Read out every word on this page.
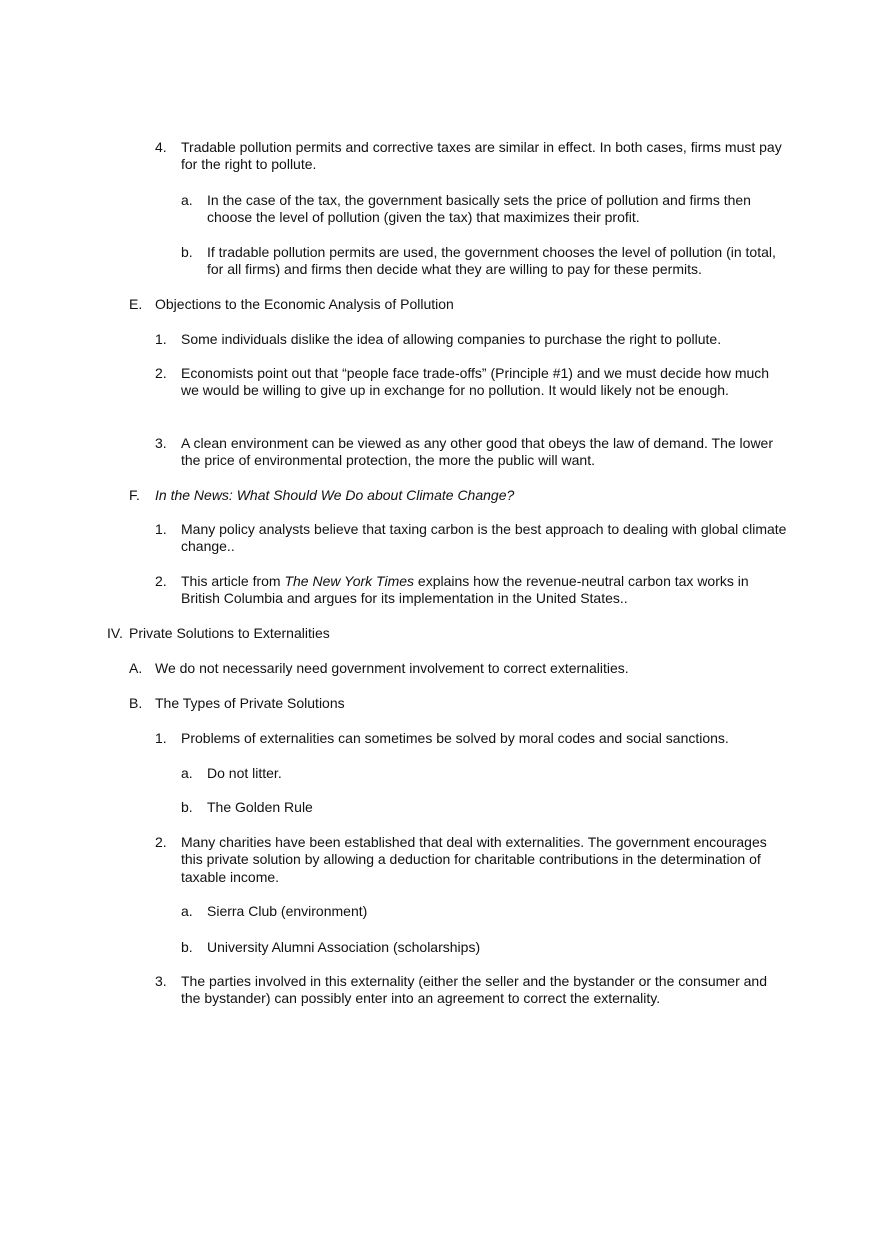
4.	Tradable pollution permits and corrective taxes are similar in effect. In both cases, firms must pay for the right to pollute.
a.	In the case of the tax, the government basically sets the price of pollution and firms then choose the level of pollution (given the tax) that maximizes their profit.
b.	If tradable pollution permits are used, the government chooses the level of pollution (in total, for all firms) and firms then decide what they are willing to pay for these permits.
E. Objections to the Economic Analysis of Pollution
1.	Some individuals dislike the idea of allowing companies to purchase the right to pollute.
2.	Economists point out that “people face trade-offs” (Principle #1) and we must decide how much we would be willing to give up in exchange for no pollution. It would likely not be enough.
3.	A clean environment can be viewed as any other good that obeys the law of demand. The lower the price of environmental protection, the more the public will want.
F.	In the News: What Should We Do about Climate Change?
1.	Many policy analysts believe that taxing carbon is the best approach to dealing with global climate change..
2.	This article from The New York Times explains how the revenue-neutral carbon tax works in British Columbia and argues for its implementation in the United States..
IV. Private Solutions to Externalities
A. We do not necessarily need government involvement to correct externalities.
B. The Types of Private Solutions
1.	Problems of externalities can sometimes be solved by moral codes and social sanctions.
a.	Do not litter.
b.	The Golden Rule
2.	Many charities have been established that deal with externalities. The government encourages this private solution by allowing a deduction for charitable contributions in the determination of taxable income.
a.	Sierra Club (environment)
b.	University Alumni Association (scholarships)
3.	The parties involved in this externality (either the seller and the bystander or the consumer and the bystander) can possibly enter into an agreement to correct the externality.
